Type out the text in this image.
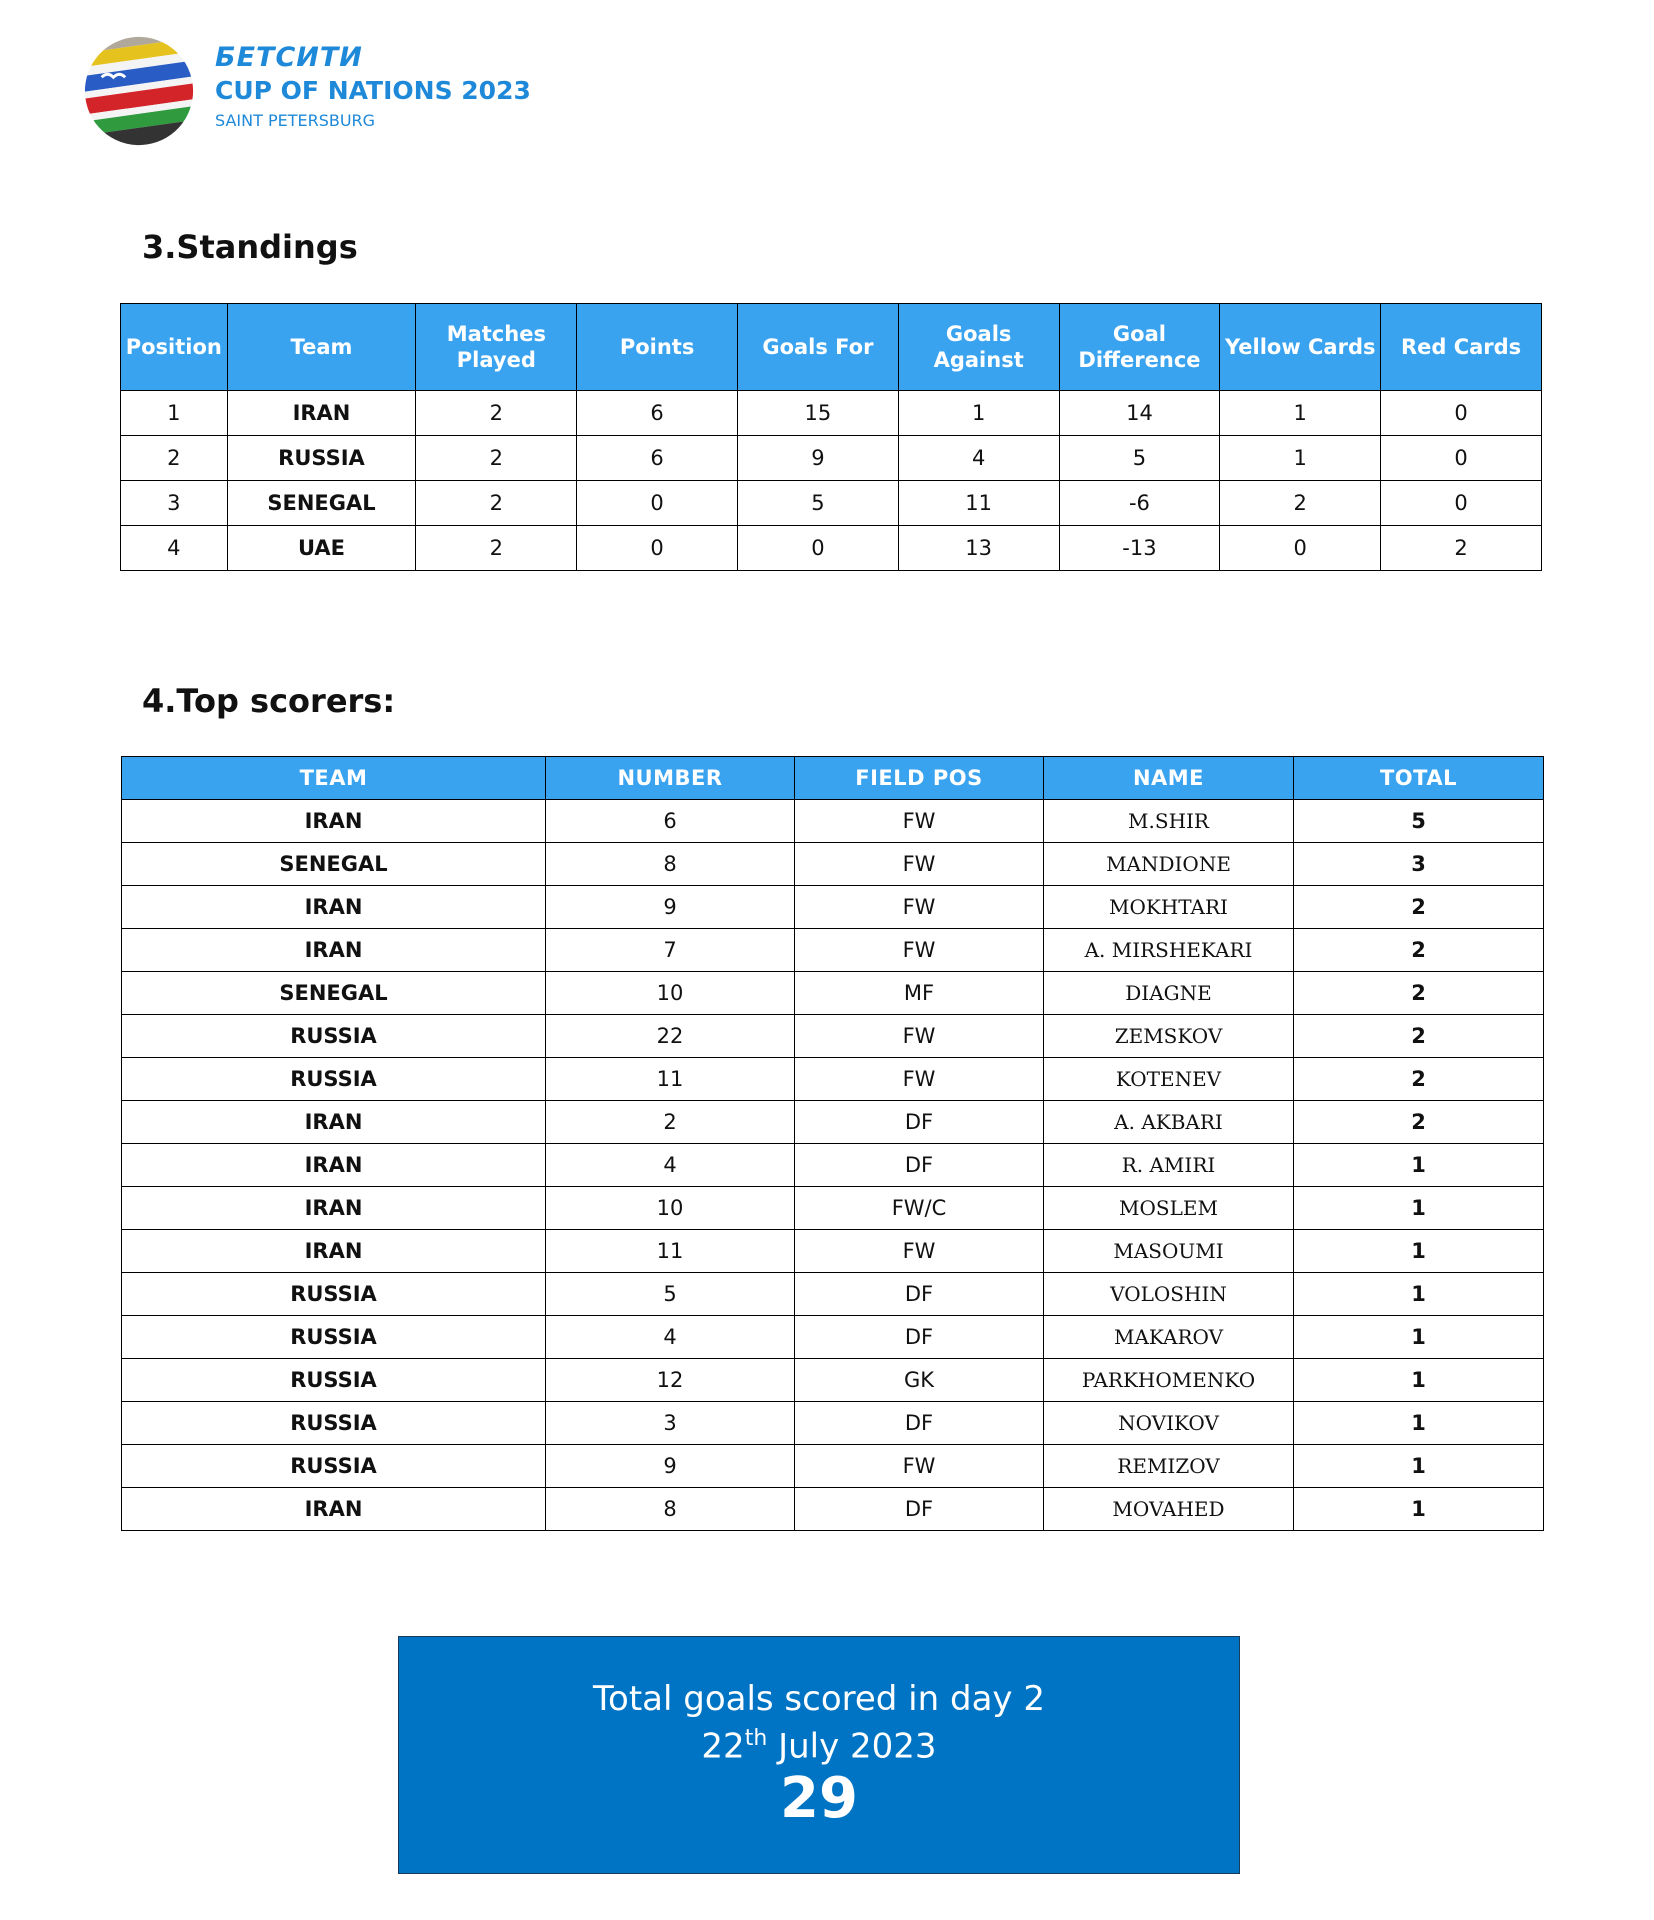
БЕТСИТИ
CUP OF NATIONS 2023
SAINT PETERSBURG
3.Standings
Position	Team	Matches Played	Points	Goals For	Goals Against	Goal Difference	Yellow Cards	Red Cards
1	IRAN	2	6	15	1	14	1	0
2	RUSSIA	2	6	9	4	5	1	0
3	SENEGAL	2	0	5	11	-6	2	0
4	UAE	2	0	0	13	-13	0	2
4.Top scorers:
TEAM	NUMBER	FIELD POS	NAME	TOTAL
IRAN	6	FW	M.SHIR	5
SENEGAL	8	FW	MANDIONE	3
IRAN	9	FW	MOKHTARI	2
IRAN	7	FW	A. MIRSHEKARI	2
SENEGAL	10	MF	DIAGNE	2
RUSSIA	22	FW	ZEMSKOV	2
RUSSIA	11	FW	KOTENEV	2
IRAN	2	DF	A. AKBARI	2
IRAN	4	DF	R. AMIRI	1
IRAN	10	FW/C	MOSLEM	1
IRAN	11	FW	MASOUMI	1
RUSSIA	5	DF	VOLOSHIN	1
RUSSIA	4	DF	MAKAROV	1
RUSSIA	12	GK	PARKHOMENKO	1
RUSSIA	3	DF	NOVIKOV	1
RUSSIA	9	FW	REMIZOV	1
IRAN	8	DF	MOVAHED	1
Total goals scored in day 2
22th July 2023
29
